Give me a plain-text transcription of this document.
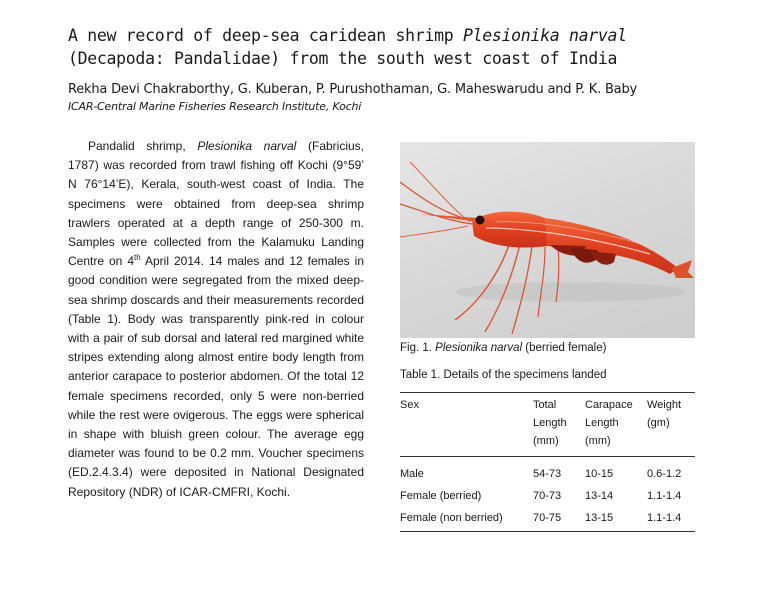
A new record of deep-sea caridean shrimp Plesionika narval (Decapoda: Pandalidae) from the south west coast of India

Rekha Devi Chakraborthy, G. Kuberan, P. Purushothaman, G. Maheswarudu and P. K. Baby

ICAR-Central Marine Fisheries Research Institute, Kochi

Pandalid shrimp, Plesionika narval (Fabricius, 1787) was recorded from trawl fishing off Kochi (9°59’ N 76°14’E), Kerala, south-west coast of India. The specimens were obtained from deep-sea shrimp trawlers operated at a depth range of 250-300 m. Samples were collected from the Kalamuku Landing Centre on 4th April 2014. 14 males and 12 females in good condition were segregated from the mixed deep-sea shrimp doscards and their measurements recorded (Table 1). Body was transparently pink-red in colour with a pair of sub dorsal and lateral red margined white stripes extending along almost entire body length from anterior carapace to posterior abdomen. Of the total 12 female specimens recorded, only 5 were non-berried while the rest were ovigerous. The eggs were spherical in shape with bluish green colour. The average egg diameter was found to be 0.2 mm. Voucher specimens (ED.2.4.3.4) were deposited in National Designated Repository (NDR) of ICAR-CMFRI, Kochi.

Fig. 1. Plesionika narval (berried female)

Table 1. Details of the specimens landed

Sex	Total
Length
(mm)	Carapace
Length
(mm)	Weight
(gm)

Male	54-73	10-15	0.6-1.2
Female (berried)	70-73	13-14	1.1-1.4
Female (non berried)	70-75	13-15	1.1-1.4
